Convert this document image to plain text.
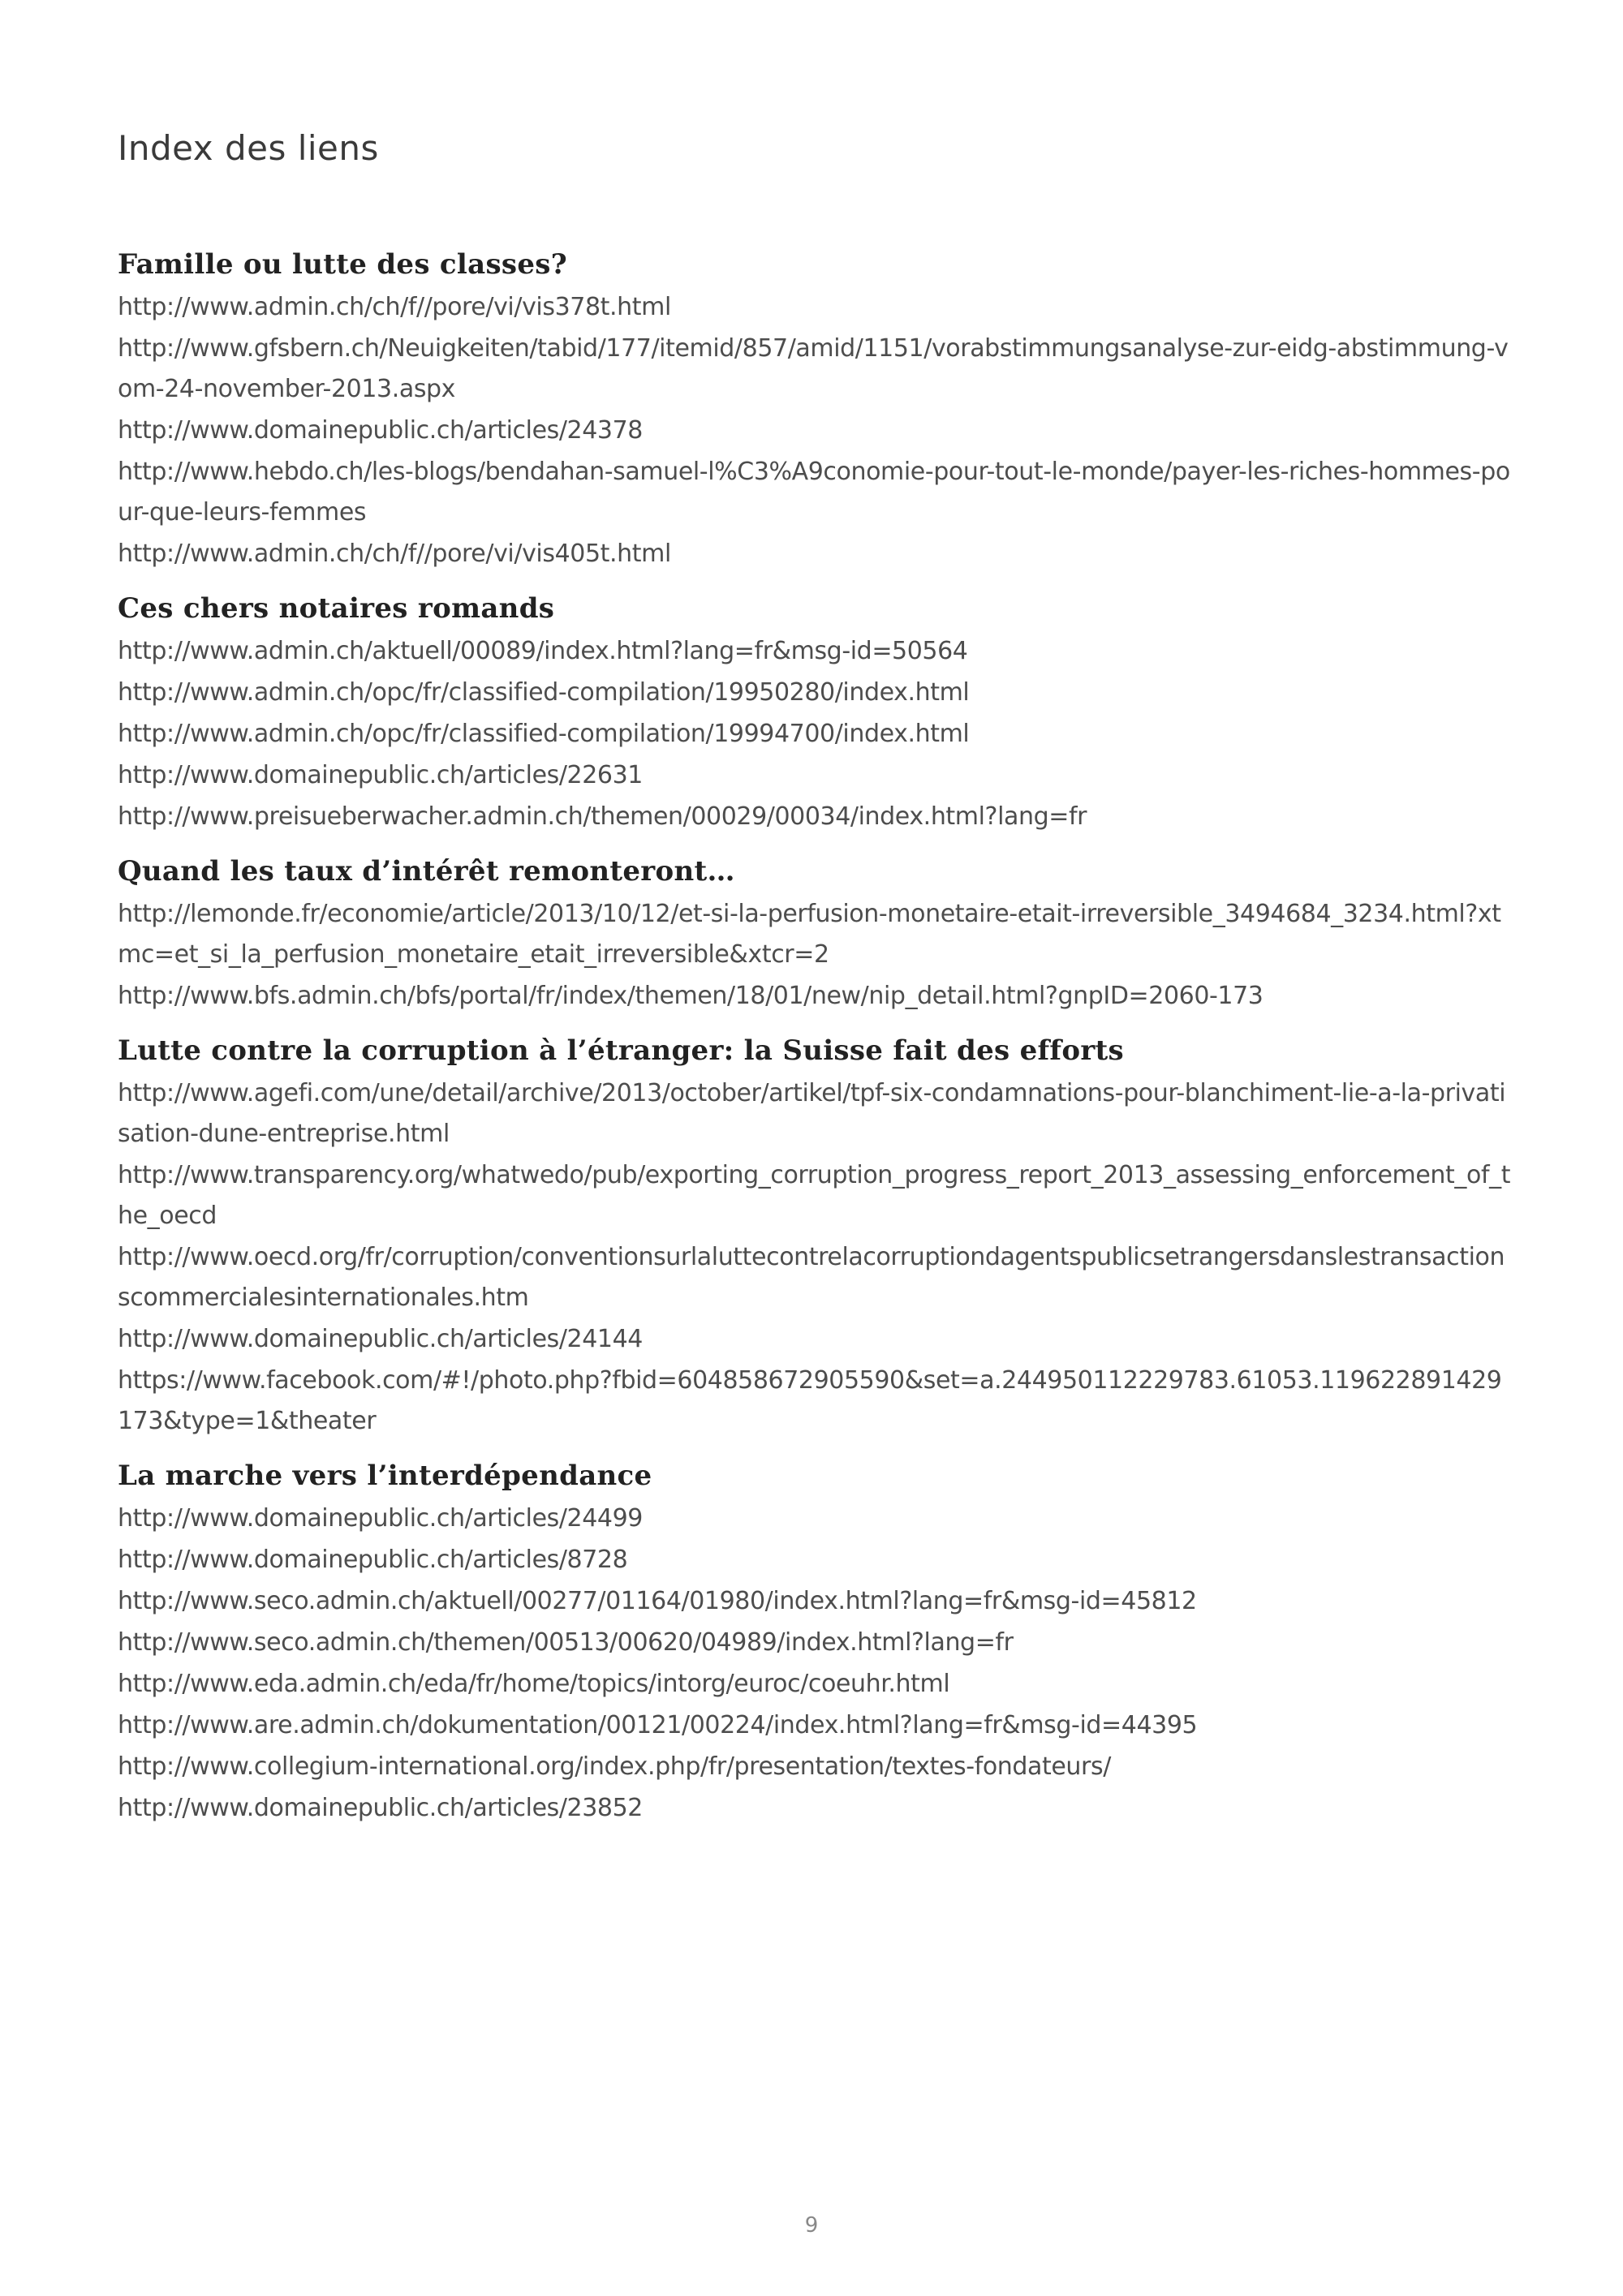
Index des liens
Famille ou lutte des classes?
http://www.admin.ch/ch/f//pore/vi/vis378t.html
http://www.gfsbern.ch/Neuigkeiten/tabid/177/itemid/857/amid/1151/vorabstimmungsanalyse-zur-eidg-abstimmung-vom-24-november-2013.aspx
http://www.domainepublic.ch/articles/24378
http://www.hebdo.ch/les-blogs/bendahan-samuel-l%C3%A9conomie-pour-tout-le-monde/payer-les-riches-hommes-pour-que-leurs-femmes
http://www.admin.ch/ch/f//pore/vi/vis405t.html
Ces chers notaires romands
http://www.admin.ch/aktuell/00089/index.html?lang=fr&msg-id=50564
http://www.admin.ch/opc/fr/classified-compilation/19950280/index.html
http://www.admin.ch/opc/fr/classified-compilation/19994700/index.html
http://www.domainepublic.ch/articles/22631
http://www.preisueberwacher.admin.ch/themen/00029/00034/index.html?lang=fr
Quand les taux d’intérêt remonteront…
http://lemonde.fr/economie/article/2013/10/12/et-si-la-perfusion-monetaire-etait-irreversible_3494684_3234.html?xtmc=et_si_la_perfusion_monetaire_etait_irreversible&xtcr=2
http://www.bfs.admin.ch/bfs/portal/fr/index/themen/18/01/new/nip_detail.html?gnpID=2060-173
Lutte contre la corruption à l’étranger: la Suisse fait des efforts
http://www.agefi.com/une/detail/archive/2013/october/artikel/tpf-six-condamnations-pour-blanchiment-lie-a-la-privatisation-dune-entreprise.html
http://www.transparency.org/whatwedo/pub/exporting_corruption_progress_report_2013_assessing_enforcement_of_the_oecd
http://www.oecd.org/fr/corruption/conventionsurlaluttecontrelacorruptiondagentspublicsetrangersdanslestransactionscommercialesinternationales.htm
http://www.domainepublic.ch/articles/24144
https://www.facebook.com/#!/photo.php?fbid=604858672905590&set=a.244950112229783.61053.119622891429173&type=1&theater
La marche vers l’interdépendance
http://www.domainepublic.ch/articles/24499
http://www.domainepublic.ch/articles/8728
http://www.seco.admin.ch/aktuell/00277/01164/01980/index.html?lang=fr&msg-id=45812
http://www.seco.admin.ch/themen/00513/00620/04989/index.html?lang=fr
http://www.eda.admin.ch/eda/fr/home/topics/intorg/euroc/coeuhr.html
http://www.are.admin.ch/dokumentation/00121/00224/index.html?lang=fr&msg-id=44395
http://www.collegium-international.org/index.php/fr/presentation/textes-fondateurs/
http://www.domainepublic.ch/articles/23852
9
